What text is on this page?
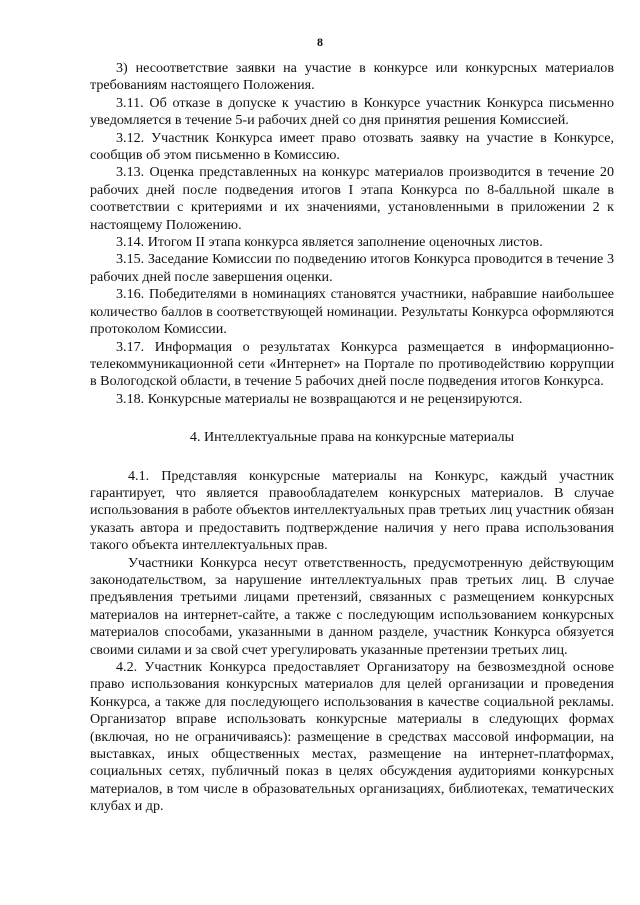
8

3) несоответствие заявки на участие в конкурсе или конкурсных материалов требованиям настоящего Положения.

3.11. Об отказе в допуске к участию в Конкурсе участник Конкурса письменно уведомляется в течение 5-и рабочих дней со дня принятия решения Комиссией.

3.12. Участник Конкурса имеет право отозвать заявку на участие в Конкурсе, сообщив об этом письменно в Комиссию.

3.13. Оценка представленных на конкурс материалов производится в течение 20 рабочих дней после подведения итогов I этапа Конкурса по 8-балльной шкале в соответствии с критериями и их значениями, установленными в приложении 2 к настоящему Положению.

3.14. Итогом II этапа конкурса является заполнение оценочных листов.

3.15. Заседание Комиссии по подведению итогов Конкурса проводится в течение 3 рабочих дней после завершения оценки.

3.16. Победителями в номинациях становятся участники, набравшие наибольшее количество баллов в соответствующей номинации. Результаты Конкурса оформляются протоколом Комиссии.

3.17. Информация о результатах Конкурса размещается в информационно-телекоммуникационной сети «Интернет» на Портале по противодействию коррупции в Вологодской области, в течение 5 рабочих дней после подведения итогов Конкурса.

3.18. Конкурсные материалы не возвращаются и не рецензируются.

4. Интеллектуальные права на конкурсные материалы

4.1. Представляя конкурсные материалы на Конкурс, каждый участник гарантирует, что является правообладателем конкурсных материалов. В случае использования в работе объектов интеллектуальных прав третьих лиц участник обязан указать автора и предоставить подтверждение наличия у него права использования такого объекта интеллектуальных прав.

Участники Конкурса несут ответственность, предусмотренную действующим законодательством, за нарушение интеллектуальных прав третьих лиц. В случае предъявления третьими лицами претензий, связанных с размещением конкурсных материалов на интернет-сайте, а также с последующим использованием конкурсных материалов способами, указанными в данном разделе, участник Конкурса обязуется своими силами и за свой счет урегулировать указанные претензии третьих лиц.

4.2. Участник Конкурса предоставляет Организатору на безвозмездной основе право использования конкурсных материалов для целей организации и проведения Конкурса, а также для последующего использования в качестве социальной рекламы. Организатор вправе использовать конкурсные материалы в следующих формах (включая, но не ограничиваясь): размещение в средствах массовой информации, на выставках, иных общественных местах, размещение на интернет-платформах, социальных сетях, публичный показ в целях обсуждения аудиториями конкурсных материалов, в том числе в образовательных организациях, библиотеках, тематических клубах и др.
